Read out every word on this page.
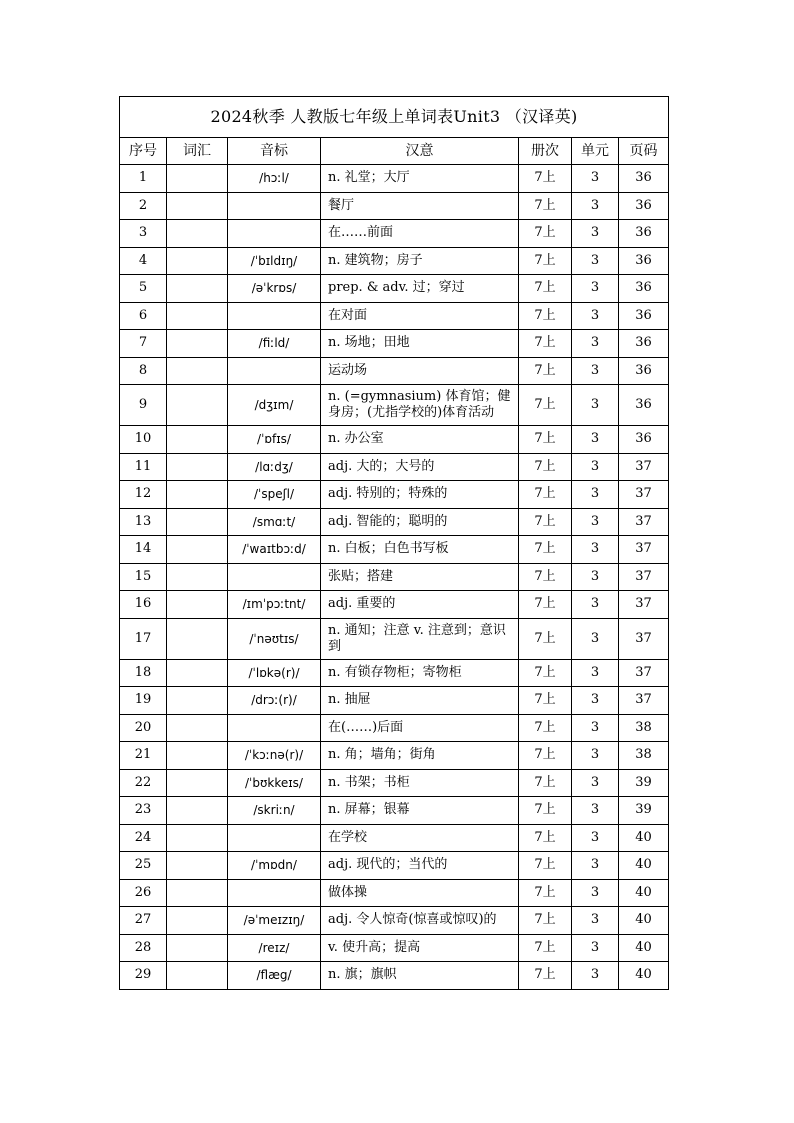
2024秋季 人教版七年级上单词表Unit3 （汉译英)						
序号	词汇	音标	汉意	册次	单元	页码
1		/hɔːl/	n. 礼堂；大厅	7上	3	36
2			餐厅	7上	3	36
3			在……前面	7上	3	36
4		/ˈbɪldɪŋ/	n. 建筑物；房子	7上	3	36
5		/əˈkrɒs/	prep. & adv. 过；穿过	7上	3	36
6			在对面	7上	3	36
7		/fiːld/	n. 场地；田地	7上	3	36
8			运动场	7上	3	36
9		/dʒɪm/	n. (=gymnasium) 体育馆；健身房；(尤指学校的)体育活动	7上	3	36
10		/ˈɒfɪs/	n. 办公室	7上	3	36
11		/lɑːdʒ/	adj. 大的；大号的	7上	3	37
12		/ˈspeʃl/	adj. 特别的；特殊的	7上	3	37
13		/smɑːt/	adj. 智能的；聪明的	7上	3	37
14		/ˈwaɪtbɔːd/	n. 白板；白色书写板	7上	3	37
15			张贴；搭建	7上	3	37
16		/ɪmˈpɔːtnt/	adj. 重要的	7上	3	37
17		/ˈnəʊtɪs/	n. 通知；注意 v. 注意到；意识到	7上	3	37
18		/ˈlɒkə(r)/	n. 有锁存物柜；寄物柜	7上	3	37
19		/drɔː(r)/	n. 抽屉	7上	3	37
20			在(……)后面	7上	3	38
21		/ˈkɔːnə(r)/	n. 角；墙角；街角	7上	3	38
22		/ˈbʊkkeɪs/	n. 书架；书柜	7上	3	39
23		/skriːn/	n. 屏幕；银幕	7上	3	39
24			在学校	7上	3	40
25		/ˈmɒdn/	adj. 现代的；当代的	7上	3	40
26			做体操	7上	3	40
27		/əˈmeɪzɪŋ/	adj. 令人惊奇(惊喜或惊叹)的	7上	3	40
28		/reɪz/	v. 使升高；提高	7上	3	40
29		/flæg/	n. 旗；旗帜	7上	3	40
